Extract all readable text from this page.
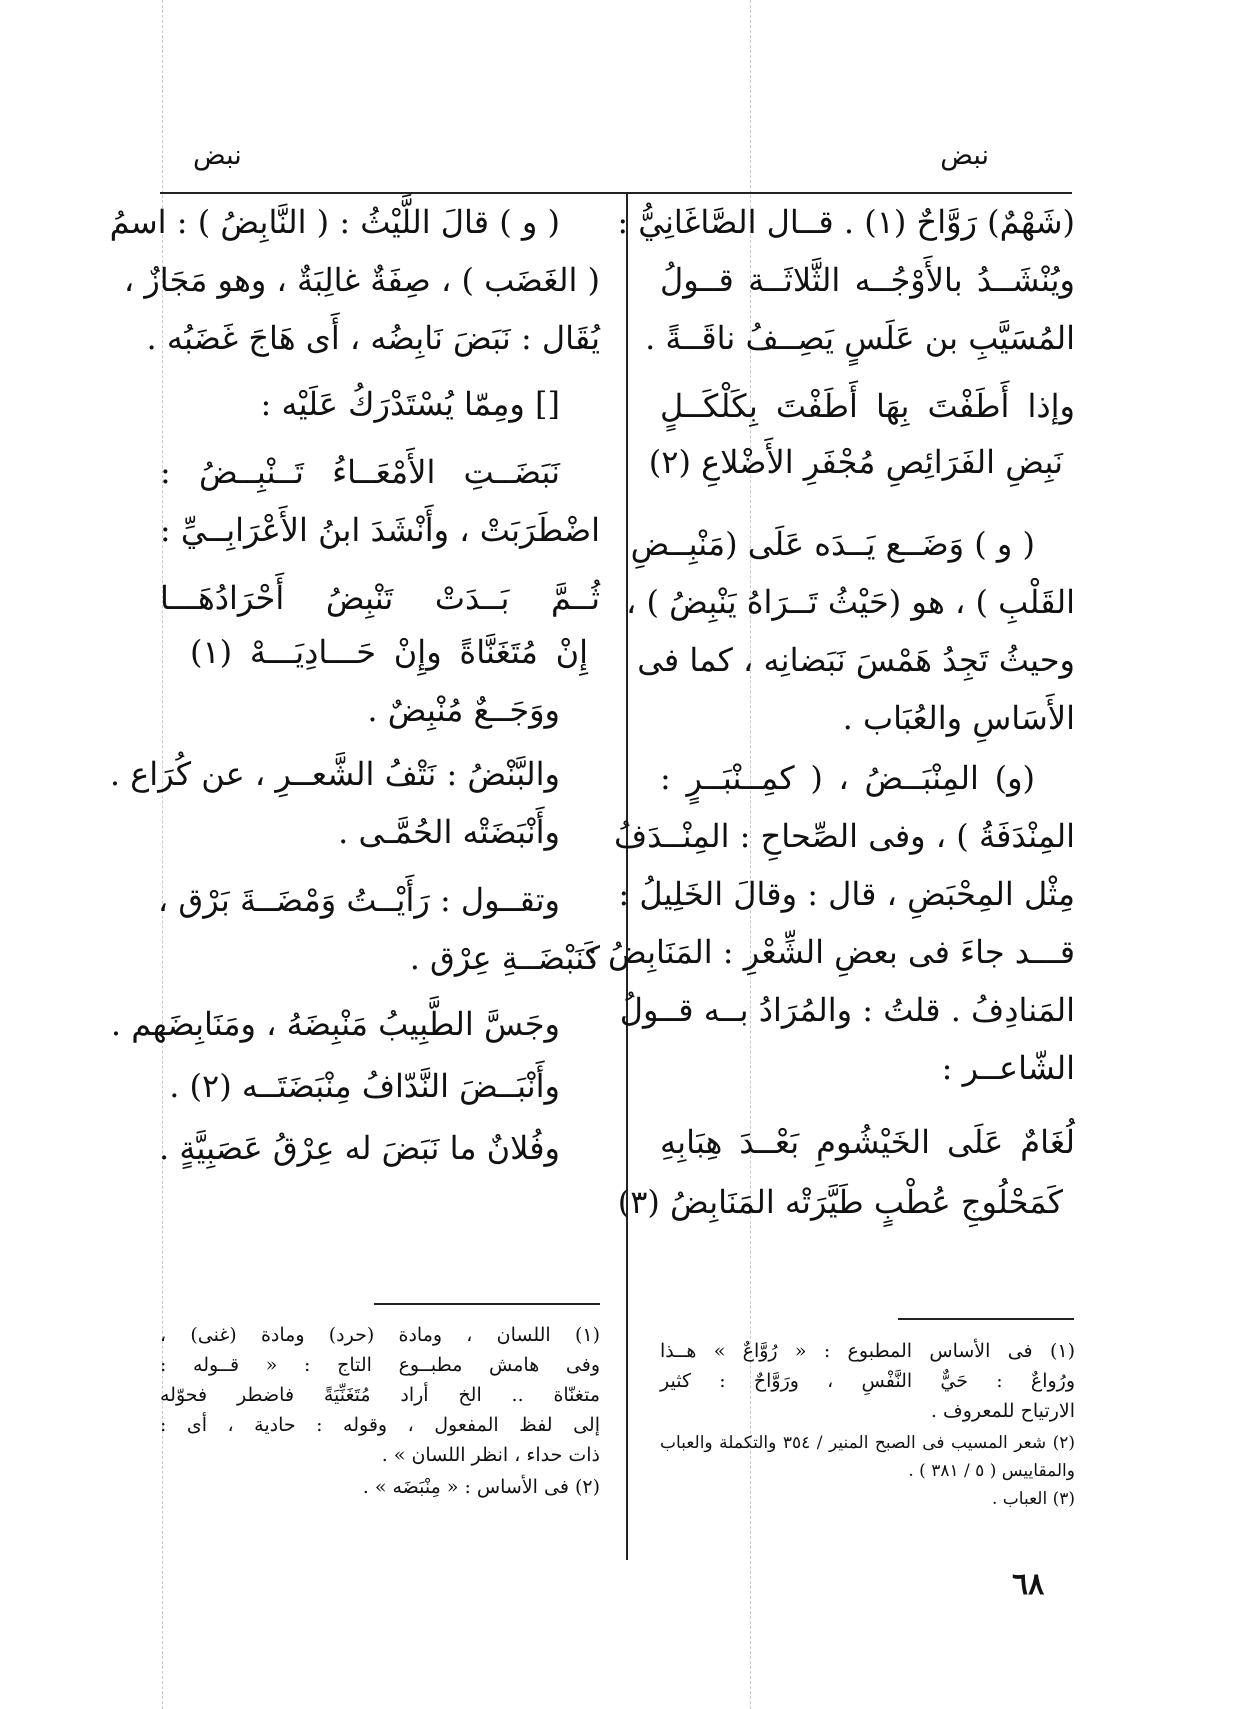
نبض
نبض
(شَهْمٌ) رَوَّاحٌ (١) . قــال الصَّاغَانِيُّ :
ويُنْشَــدُ بالأَوْجُــه الثَّلاثَــة قــولُ
المُسَيَّبِ بن عَلَسٍ يَصِــفُ ناقَــةً .
وإذا أَطَفْتَ بِهَا أَطَفْتَ بِكَلْكَــلٍ
نَبِضِ الفَرَائِصِ مُجْفَرِ الأَضْلاعِ (٢)
( و ) وَضَــع يَــدَه عَلَى (مَنْبِــضِ
القَلْبِ ) ، هو (حَيْثُ تَــرَاهُ يَنْبِضُ ) ،
وحيثُ تَجِدُ هَمْسَ نَبَضانِه ، كما فى
الأَسَاسِ والعُبَاب .
(و) المِنْبَــضُ ، ( كمِــنْبَــرٍ :
المِنْدَفَةُ ) ، وفى الصِّحاحِ : المِنْــدَفُ
مِثْل المِحْبَضِ ، قال : وقالَ الخَلِيلُ :
قـــد جاءَ فى بعضِ الشِّعْرِ : المَنَابِضُ :
المَنادِفُ . قلتُ : والمُرَادُ بــه قــولُ
الشّاعــر :
لُغَامٌ عَلَى الخَيْشُومِ بَعْــدَ هِبَابِهِ
كَمَحْلُوجِ عُطْبٍ طَيَّرَتْه المَنَابِضُ (٣)
(١) فى الأساس المطبوع : « رُوَّاعٌ » هــذا
ورُواعٌ : حَيٌّ النَّفْسِ ، ورَوَّاحٌ : كثير
الارتياح للمعروف .
(٢) شعر المسيب فى الصبح المنير / ٣٥٤ والتكملة والعباب
والمقاييس ( ٥ / ٣٨١ ) .
(٣) العباب .
( و ) قالَ اللَّيْثُ : ( النَّابِضُ ) : اسمُ
( الغَضَب ) ، صِفَةٌ غالِبَةٌ ، وهو مَجَازٌ ،
يُقَال : نَبَضَ نَابِضُه ، أَى هَاجَ غَضَبُه .
[] ومِمّا يُسْتَدْرَكُ عَلَيْه :
نَبَضَــتِ الأَمْعَــاءُ تَــنْبِــضُ :
اضْطَرَبَتْ ، وأَنْشَدَ ابنُ الأَعْرَابِــيِّ :
ثُــمَّ بَــدَتْ تَنْبِضُ أَحْرَادُهَـــا
إِنْ مُتَغَنَّاةً وإِنْ حَـــادِيَـــهْ (١)
ووَجَــعٌ مُنْبِضٌ .
والبَّنْضُ : نَتْفُ الشَّعــرِ ، عن كُرَاع .
وأَنْبَضَتْه الحُمَّـى .
وتقــول : رَأَيْــتُ وَمْضَــةَ بَرْق ،
كَنَبْضَــةِ عِرْق .
وجَسَّ الطَّبِيبُ مَنْبِضَهُ ، ومَنَابِضَهم .
وأَنْبَــضَ النَّدّافُ مِنْبَضَتَــه (٢) .
وفُلانٌ ما نَبَضَ له عِرْقُ عَصَبِيَّةٍ .
(١) اللسان ، ومادة (حرد) ومادة (غنى) ،
وفى هامش مطبــوع التاج : « قــوله :
متغنّاة .. الخ أراد مُتَغَنِّيَةً فاضطر فحوّله
إلى لفظ المفعول ، وقوله : حادية ، أى :
ذات حداء ، انظر اللسان » .
(٢) فى الأساس : « مِنْبَضَه » .
٦٨
